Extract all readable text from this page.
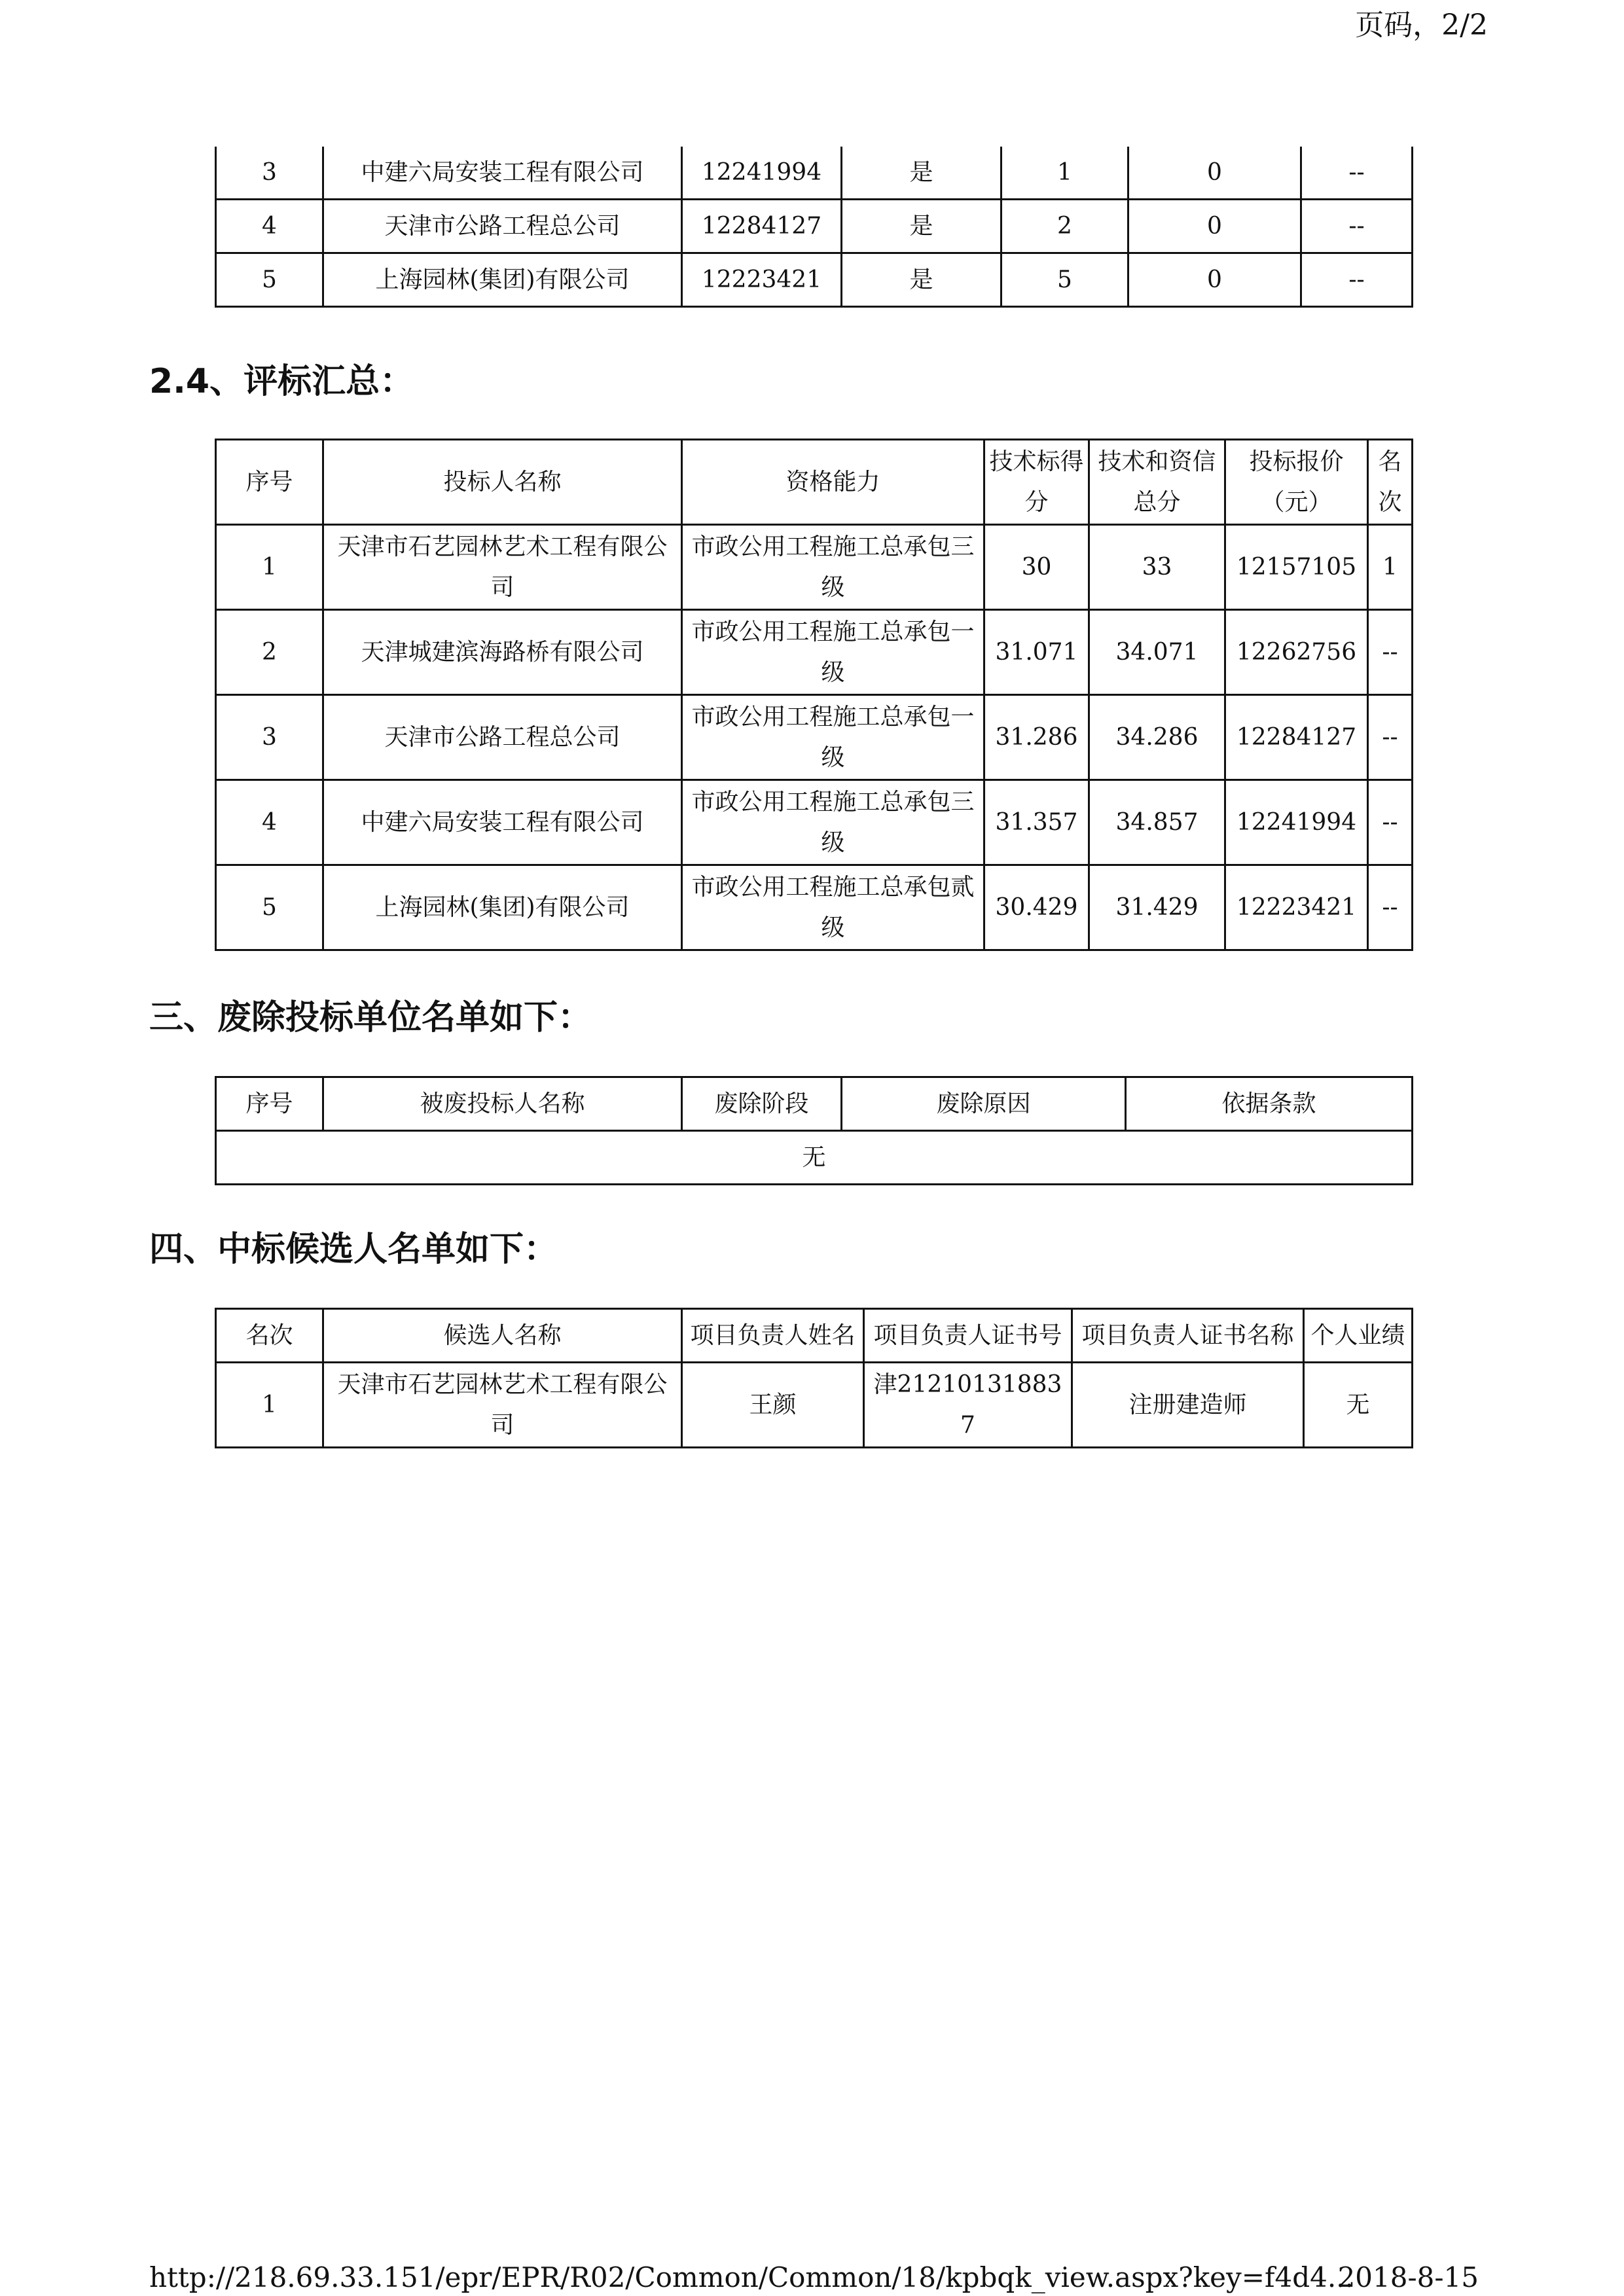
页码，2/2
3	中建六局安装工程有限公司	12241994	是	1	0	--
4	天津市公路工程总公司	12284127	是	2	0	--
5	上海园林(集团)有限公司	12223421	是	5	0	--
2.4、评标汇总：
序号	投标人名称	资格能力	技术标得分	技术和资信总分	投标报价（元）	名次
1	天津市石艺园林艺术工程有限公司	市政公用工程施工总承包三级	30	33	12157105	1
2	天津城建滨海路桥有限公司	市政公用工程施工总承包一级	31.071	34.071	12262756	--
3	天津市公路工程总公司	市政公用工程施工总承包一级	31.286	34.286	12284127	--
4	中建六局安装工程有限公司	市政公用工程施工总承包三级	31.357	34.857	12241994	--
5	上海园林(集团)有限公司	市政公用工程施工总承包贰级	30.429	31.429	12223421	--
三、废除投标单位名单如下：
序号	被废投标人名称	废除阶段	废除原因	依据条款
无
四、中标候选人名单如下：
名次	候选人名称	项目负责人姓名	项目负责人证书号	项目负责人证书名称	个人业绩
1	天津市石艺园林艺术工程有限公司	王颜	津212101318837	注册建造师	无
http://218.69.33.151/epr/EPR/R02/Common/Common/18/kpbqk_view.aspx?key=f4d4...
2018-8-15
